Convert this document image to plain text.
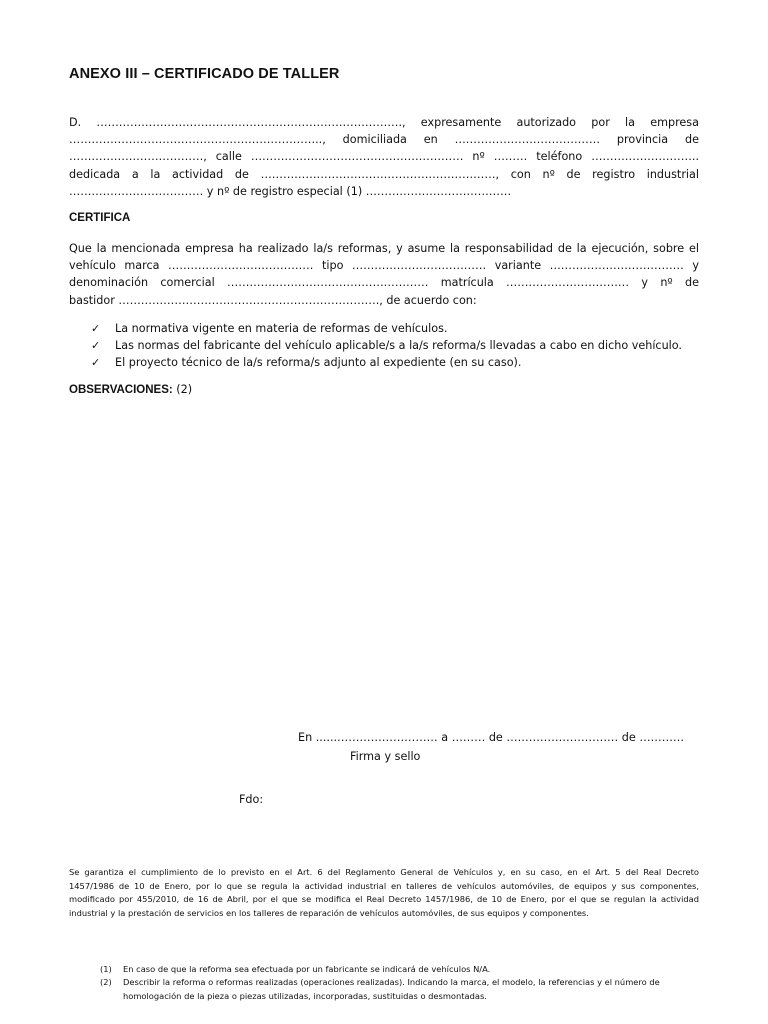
ANEXO III – CERTIFICADO DE TALLER

D. ………………………………………………………………………., expresamente autorizado por la empresa

………………………………………………………….., domiciliada en ………………………………… provincia de

………………………………, calle ………………………………………………… nº ……… teléfono ………………………..

dedicada a la actividad de ………………………………………………………, con nº de registro industrial

……………………………… y nº de registro especial (1) …………………………………

CERTIFICA

Que la mencionada empresa ha realizado la/s reformas, y asume la responsabilidad de la ejecución, sobre el

vehículo marca ………………………………… tipo ……………………………… variante ……………………………… y

denominación comercial ……………………………………………… matrícula …………………………… y nº de

bastidor ……………………………………………………………., de acuerdo con:

✓ La normativa vigente en materia de reformas de vehículos.
✓ Las normas del fabricante del vehículo aplicable/s a la/s reforma/s llevadas a cabo en dicho vehículo.
✓ El proyecto técnico de la/s reforma/s adjunto al expediente (en su caso).
OBSERVACIONES: (2)
En ......……………………… a ……… de ………………………… de …………
Firma y sello
Fdo:

Se garantiza el cumplimiento de lo previsto en el Art. 6 del Reglamento General de Vehículos y, en su caso, en el Art. 5 del Real Decreto

1457/1986 de 10 de Enero, por lo que se regula la actividad industrial en talleres de vehículos automóviles, de equipos y sus componentes,

modificado por 455/2010, de 16 de Abril, por el que se modifica el Real Decreto 1457/1986, de 10 de Enero, por el que se regulan la actividad

industrial y la prestación de servicios en los talleres de reparación de vehículos automóviles, de sus equipos y componentes.

(1) En caso de que la reforma sea efectuada por un fabricante se indicará de vehículos N/A.

(2) Describir la reforma o reformas realizadas (operaciones realizadas). Indicando la marca, el modelo, la referencias y el número de

homologación de la pieza o piezas utilizadas, incorporadas, sustituidas o desmontadas.
